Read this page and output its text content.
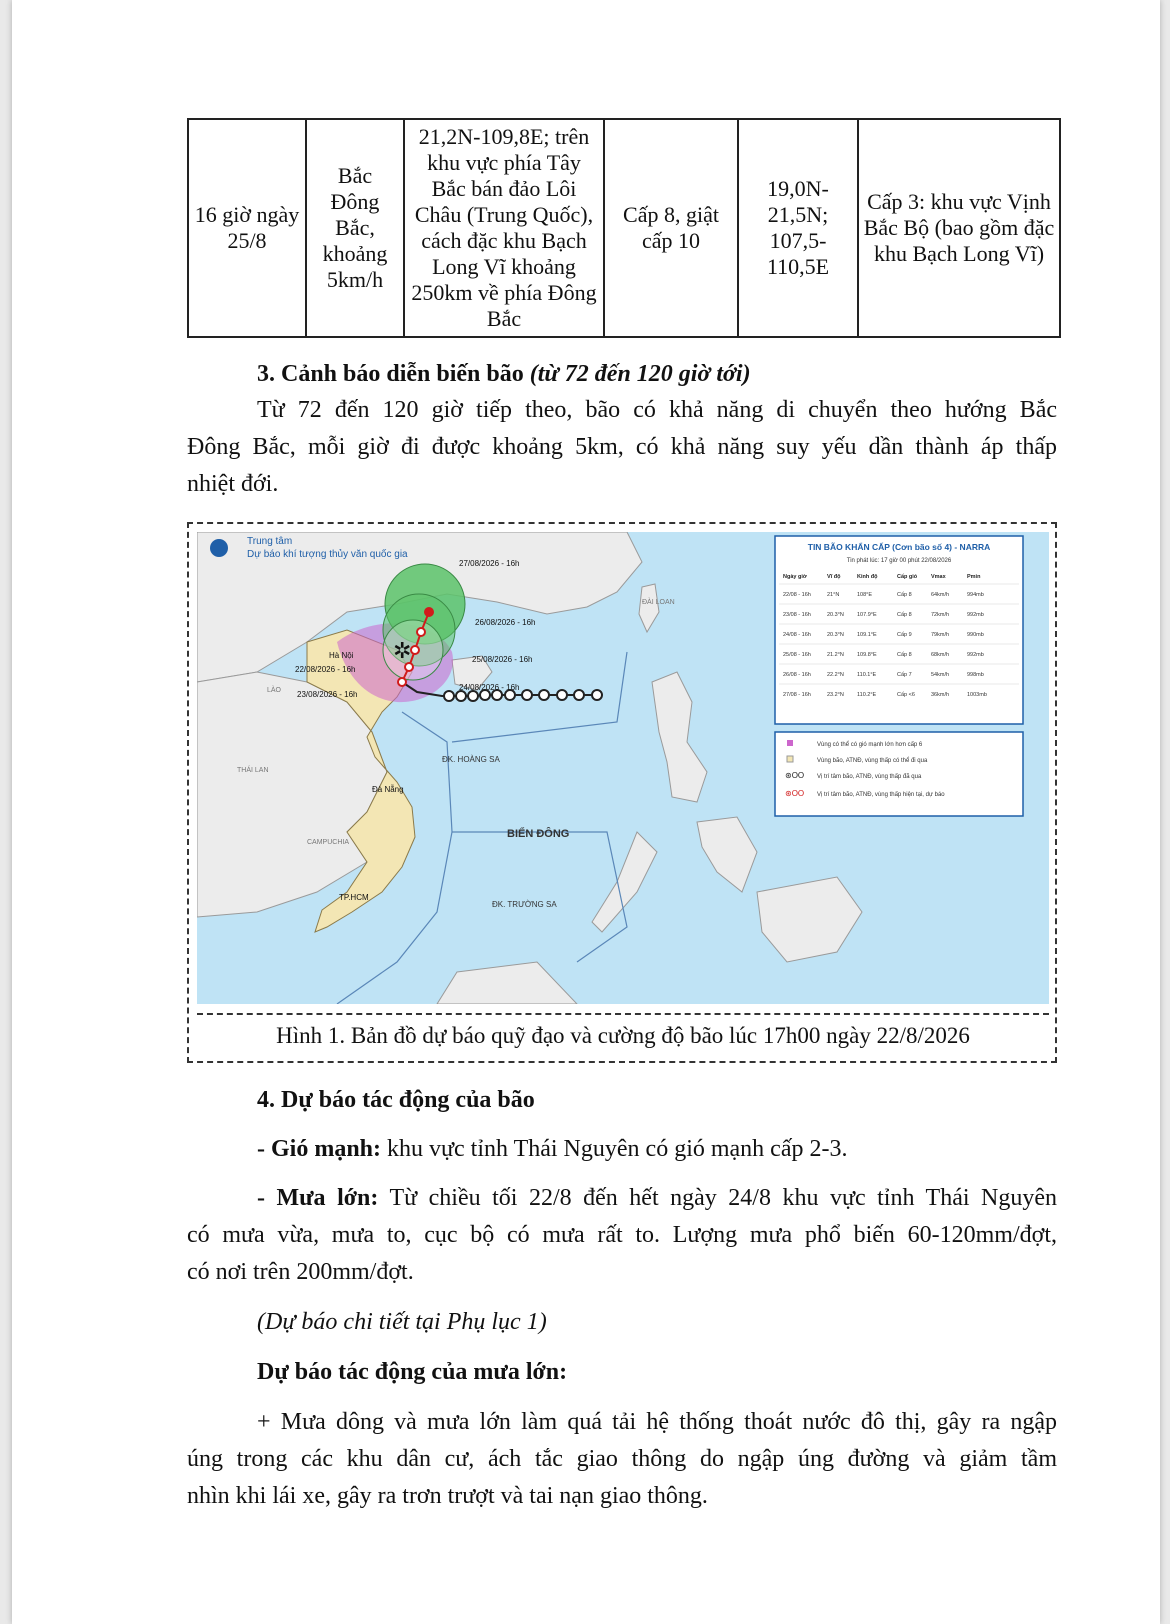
16 giờ ngày 25/8	Bắc Đông Bắc, khoảng 5km/h	21,2N-109,8E; trên khu vực phía Tây Bắc bán đảo Lôi Châu (Trung Quốc), cách đặc khu Bạch Long Vĩ khoảng 250km về phía Đông Bắc	Cấp 8, giật cấp 10	19,0N-21,5N; 107,5-110,5E	Cấp 3: khu vực Vịnh Bắc Bộ (bao gồm đặc khu Bạch Long Vĩ)

3. Cảnh báo diễn biến bão (từ 72 đến 120 giờ tới)

Từ 72 đến 120 giờ tiếp theo, bão có khả năng di chuyển theo hướng Bắc

Đông Bắc, mỗi giờ đi được khoảng 5km, có khả năng suy yếu dần thành áp thấp

nhiệt đới.

✲
Trung tâm
Dự báo khí tượng thủy văn quốc gia
27/08/2026 - 16h
26/08/2026 - 16h
25/08/2026 - 16h
24/08/2026 - 16h
23/08/2026 - 16h
22/08/2026 - 16h
Hà Nội
Đà Nẵng
TP.HCM
LÀO
THÁI LAN
CAMPUCHIA
ĐÀI LOAN
ĐK. HOÀNG SA
ĐK. TRƯỜNG SA
BIỂN ĐÔNG
TIN BÃO KHẨN CẤP (Cơn bão số 4) - NARRA
Tin phát lúc: 17 giờ 00 phút 22/08/2026
Ngày giờ	Vĩ độ	Kinh độ	Cấp gió	Vmax	Pmin
22/08 - 16h	21°N	108°E	Cấp 8	64km/h	994mb
23/08 - 16h	20.3°N 107.9°E	Cấp 8	72km/h	992mb
24/08 - 16h	20.3°N 109.1°E	Cấp 9	79km/h	990mb
25/08 - 16h	21.2°N 109.8°E	Cấp 8	68km/h	992mb
26/08 - 16h	22.2°N 110.1°E	Cấp 7	54km/h	998mb
27/08 - 16h	23.2°N 110.2°E	Cấp <6	36km/h	1003mb
Vùng có thể có gió mạnh lớn hơn cấp 6
Vùng bão, ATNĐ, vùng thấp có thể đi qua
⊛OO Vị trí tâm bão, ATNĐ, vùng thấp đã qua
⊛OO Vị trí tâm bão, ATNĐ, vùng thấp hiện tại, dự báo
Hình 1. Bản đồ dự báo quỹ đạo và cường độ bão lúc 17h00 ngày 22/8/2026

4. Dự báo tác động của bão

- Gió mạnh: khu vực tỉnh Thái Nguyên có gió mạnh cấp 2-3.

- Mưa lớn: Từ chiều tối 22/8 đến hết ngày 24/8 khu vực tỉnh Thái Nguyên

có mưa vừa, mưa to, cục bộ có mưa rất to. Lượng mưa phổ biến 60-120mm/đợt,

có nơi trên 200mm/đợt.

(Dự báo chi tiết tại Phụ lục 1)

Dự báo tác động của mưa lớn:

+ Mưa dông và mưa lớn làm quá tải hệ thống thoát nước đô thị, gây ra ngập

úng trong các khu dân cư, ách tắc giao thông do ngập úng đường và giảm tầm

nhìn khi lái xe, gây ra trơn trượt và tai nạn giao thông.
